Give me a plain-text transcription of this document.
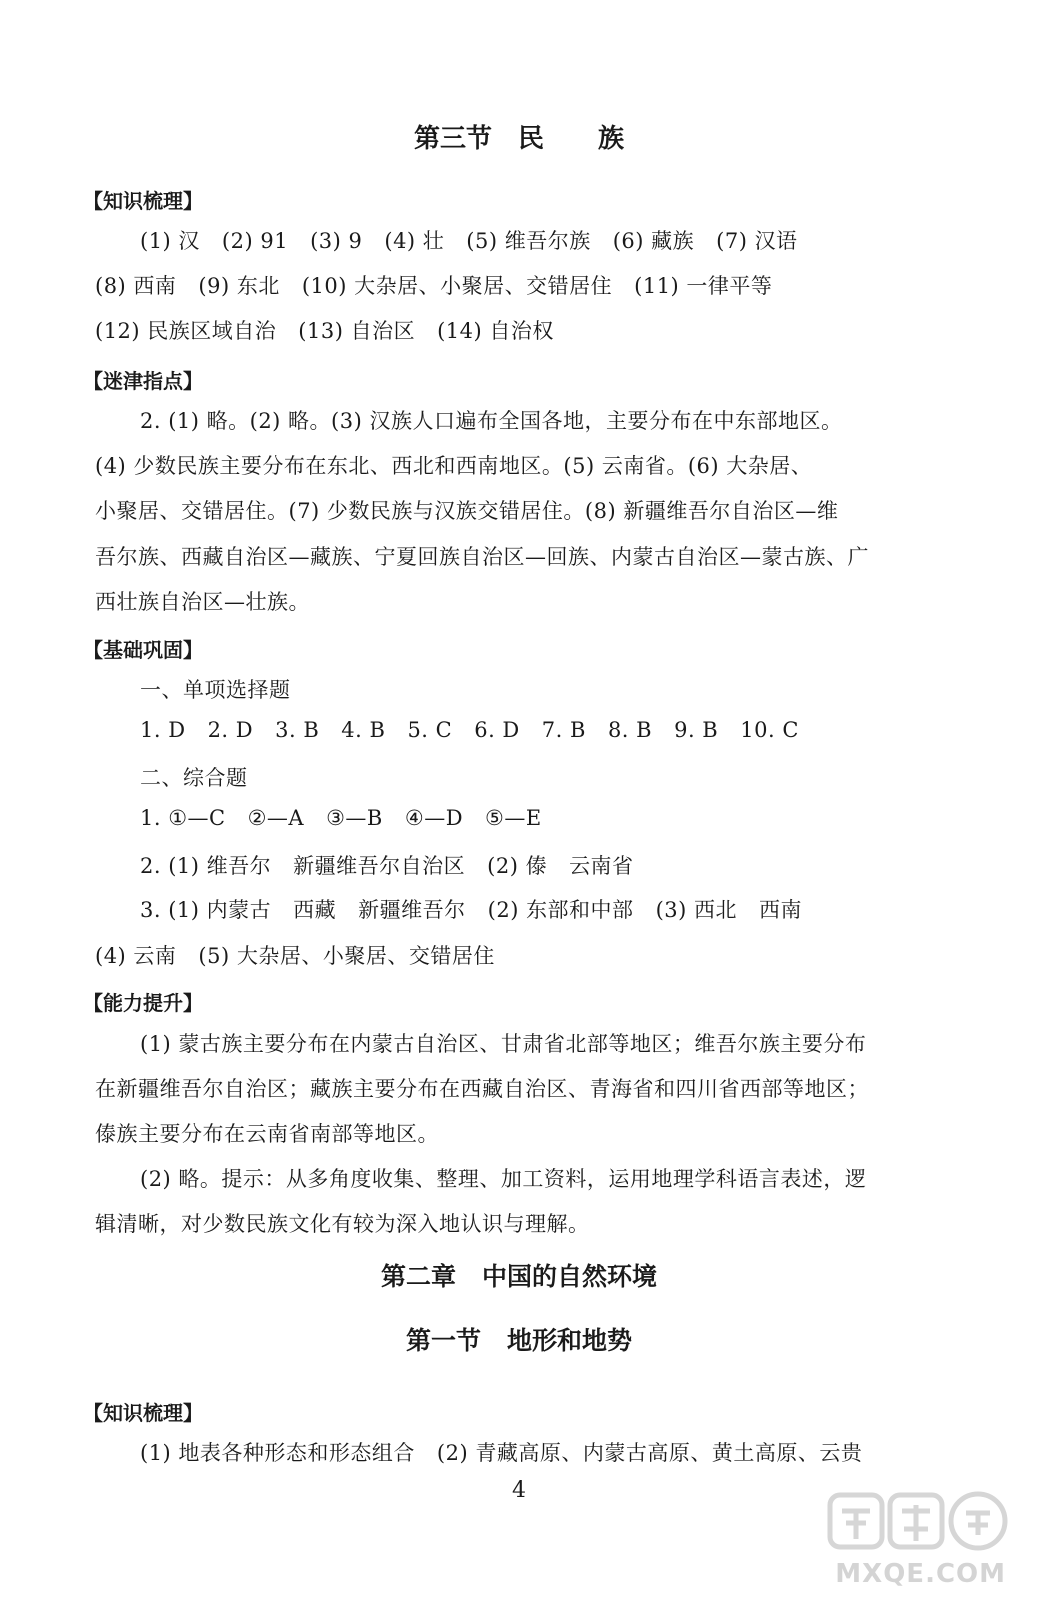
第三节 民 族
【知识梳理】
(1) 汉 (2) 91 (3) 9 (4) 壮 (5) 维吾尔族 (6) 藏族 (7) 汉语
(8) 西南 (9) 东北 (10) 大杂居、小聚居、交错居住 (11) 一律平等
(12) 民族区域自治 (13) 自治区 (14) 自治权
【迷津指点】
2. (1) 略。(2) 略。(3) 汉族人口遍布全国各地，主要分布在中东部地区。
(4) 少数民族主要分布在东北、西北和西南地区。(5) 云南省。(6) 大杂居、
小聚居、交错居住。(7) 少数民族与汉族交错居住。(8) 新疆维吾尔自治区—维
吾尔族、西藏自治区—藏族、宁夏回族自治区—回族、内蒙古自治区—蒙古族、广
西壮族自治区—壮族。
【基础巩固】
一、单项选择题
1. D 2. D 3. B 4. B 5. C 6. D 7. B 8. B 9. B 10. C
二、综合题
1. ①—C ②—A ③—B ④—D ⑤—E
2. (1) 维吾尔 新疆维吾尔自治区 (2) 傣 云南省
3. (1) 内蒙古 西藏 新疆维吾尔 (2) 东部和中部 (3) 西北 西南
(4) 云南 (5) 大杂居、小聚居、交错居住
【能力提升】
(1) 蒙古族主要分布在内蒙古自治区、甘肃省北部等地区；维吾尔族主要分布
在新疆维吾尔自治区；藏族主要分布在西藏自治区、青海省和四川省西部等地区；
傣族主要分布在云南省南部等地区。
(2) 略。提示：从多角度收集、整理、加工资料，运用地理学科语言表述，逻
辑清晰，对少数民族文化有较为深入地认识与理解。
第二章 中国的自然环境
第一节 地形和地势
【知识梳理】
(1) 地表各种形态和形态组合 (2) 青藏高原、内蒙古高原、黄土高原、云贵
4
MXQE.COM
